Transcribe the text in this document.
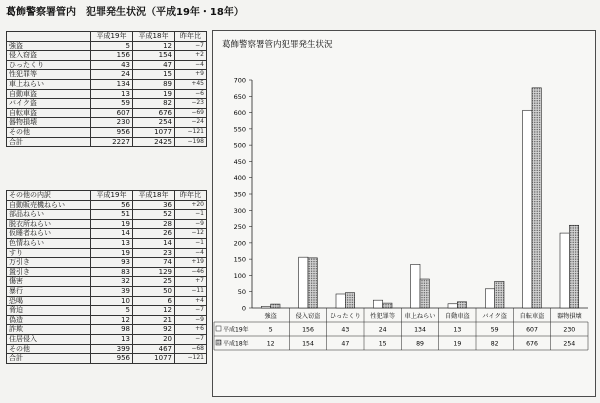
葛飾警察署管内　犯罪発生状況（平成19年・18年）
	平成19年	平成18年	昨年比
強盗	5	12	−7
侵入窃盗	156	154	+2
ひったくり	43	47	−4
性犯罪等	24	15	+9
車上ねらい	134	89	+45
自動車盗	13	19	−6
バイク盗	59	82	−23
自転車盗	607	676	−69
器物損壊	230	254	−24
その他	956	1077	−121
合計	2227	2425	−198
その他の内訳	平成19年	平成18年	昨年比
自動販売機ねらい	56	36	+20
部品ねらい	51	52	−1
脱衣所ねらい	19	28	−9
仮睡者ねらい	14	26	−12
色情ねらい	13	14	−1
すり	19	23	−4
万引き	93	74	+19
置引き	83	129	−46
傷害	32	25	+7
暴行	39	50	−11
恐喝	10	6	+4
脅迫	5	12	−7
偽造	12	21	−9
詐欺	98	92	+6
住居侵入	13	20	−7
その他	399	467	−68
合計	956	1077	−121
葛飾警察署管内犯罪発生状況
0
50
100
150
200
250
300
350
400
450
500
550
600
650
700
強盗	侵入窃盗 ひったくり 性犯罪等 車上ねらい 自動車盗 バイク盗 自転車盗 器物損壊
平成19年	5	156	43	24	134	13	59	607	230
平成18年	12	154	47	15	89	19	82	676	254
